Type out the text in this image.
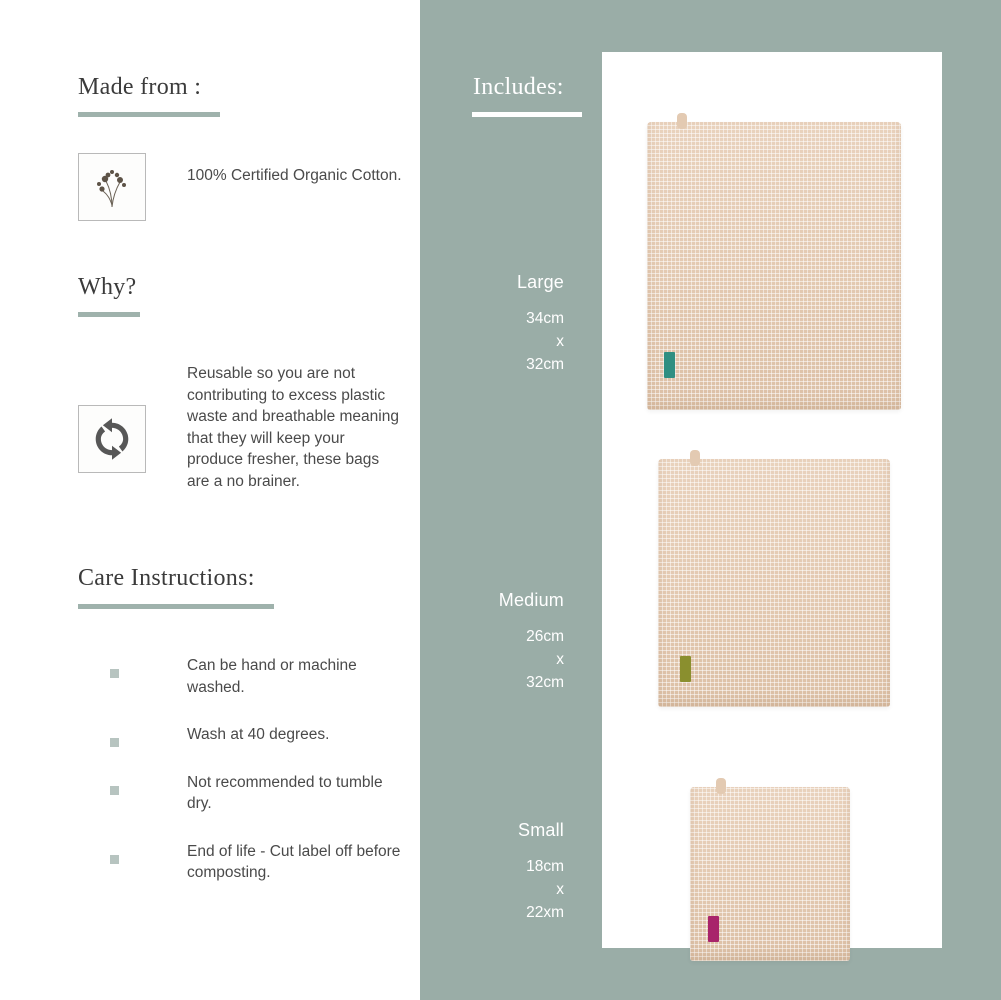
Made from :
100% Certified Organic Cotton.
Why?
Reusable so you are not contributing to excess plastic waste and breathable meaning that they will keep your produce fresher, these bags are a no brainer.
Care Instructions:
Can be hand or machine washed.
Wash at 40 degrees.
Not recommended to tumble dry.
End of life - Cut label off before composting.
Includes:
Large
34cm
x
32cm
Medium
26cm
x
32cm
Small
18cm
x
22xm
